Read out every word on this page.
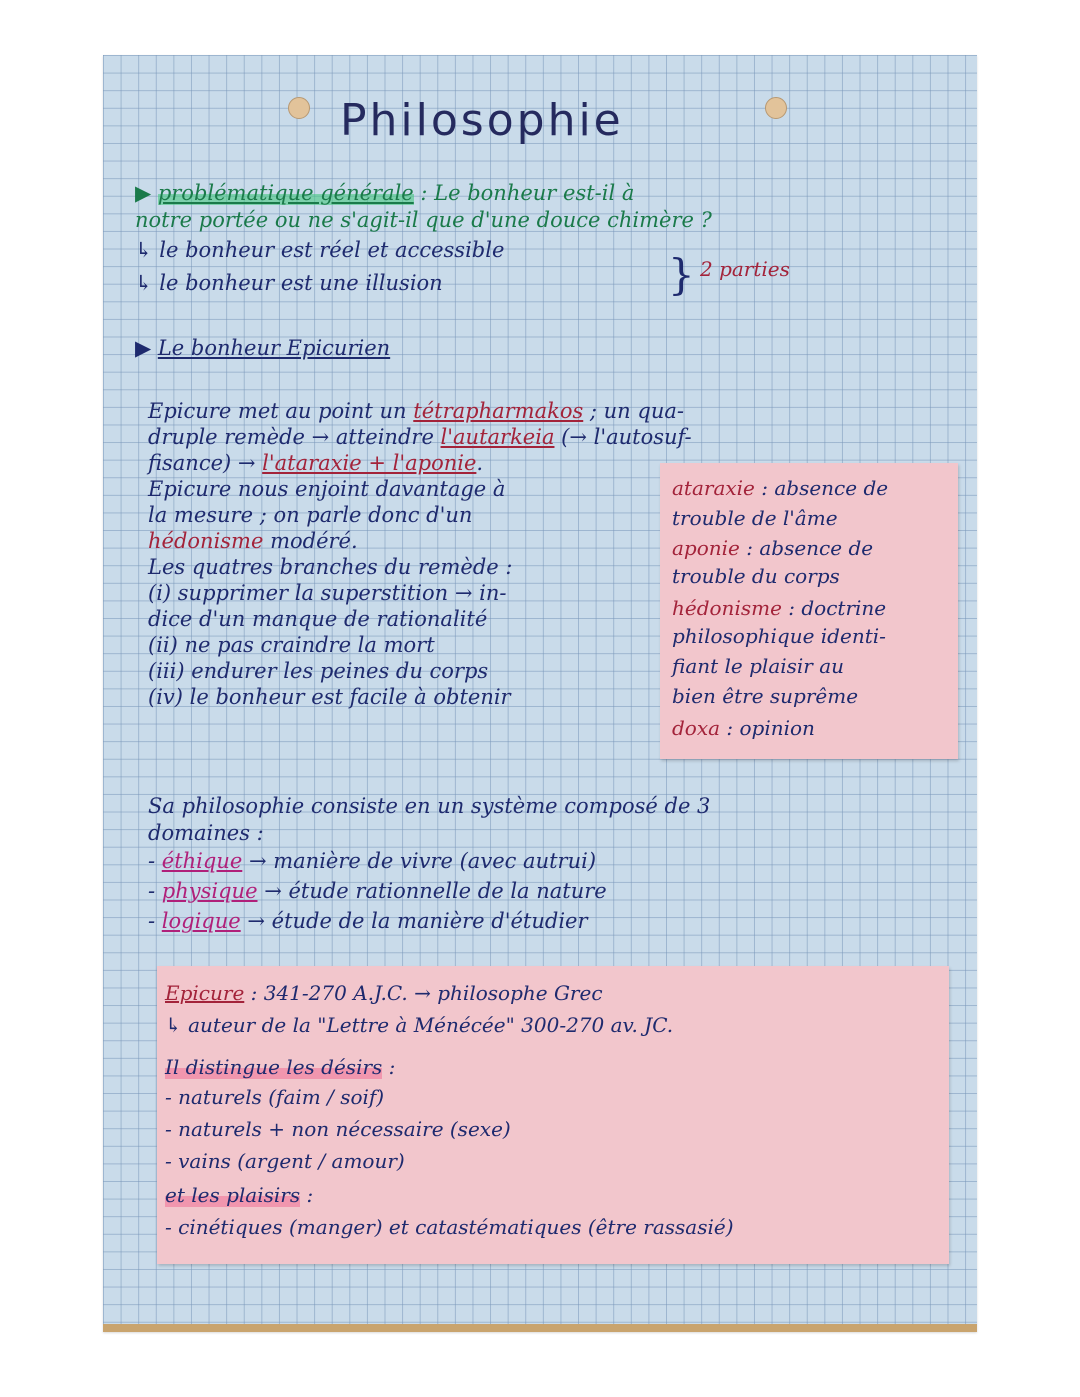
Philosophie
▶ problématique générale : Le bonheur est-il à
notre portée ou ne s'agit-il que d'une douce chimère ?
↳ le bonheur est réel et accessible
↳ le bonheur est une illusion	} 2 parties
▶ Le bonheur Epicurien
Epicure met au point un tétrapharmakos ; un qua-
druple remède → atteindre l'autarkeia (→ l'autosuf-
fisance) → l'ataraxie + l'aponie.
Epicure nous enjoint davantage à
la mesure ; on parle donc d'un
hédonisme modéré.
Les quatres branches du remède :
(i) supprimer la superstition → in-
dice d'un manque de rationalité
(ii) ne pas craindre la mort
(iii) endurer les peines du corps
(iv) le bonheur est facile à obtenir
ataraxie : absence de
trouble de l'âme
aponie : absence de
trouble du corps
hédonisme : doctrine
philosophique identi-
fiant le plaisir au
bien être suprême
doxa : opinion
Sa philosophie consiste en un système composé de 3
domaines :
- éthique → manière de vivre (avec autrui)
- physique → étude rationnelle de la nature
- logique → étude de la manière d'étudier
Epicure : 341-270 A.J.C. → philosophe Grec
↳ auteur de la "Lettre à Ménécée" 300-270 av. JC.
Il distingue les désirs :
- naturels (faim / soif)
- naturels + non nécessaire (sexe)
- vains (argent / amour)
et les plaisirs :
- cinétiques (manger) et catastématiques (être rassasié)
